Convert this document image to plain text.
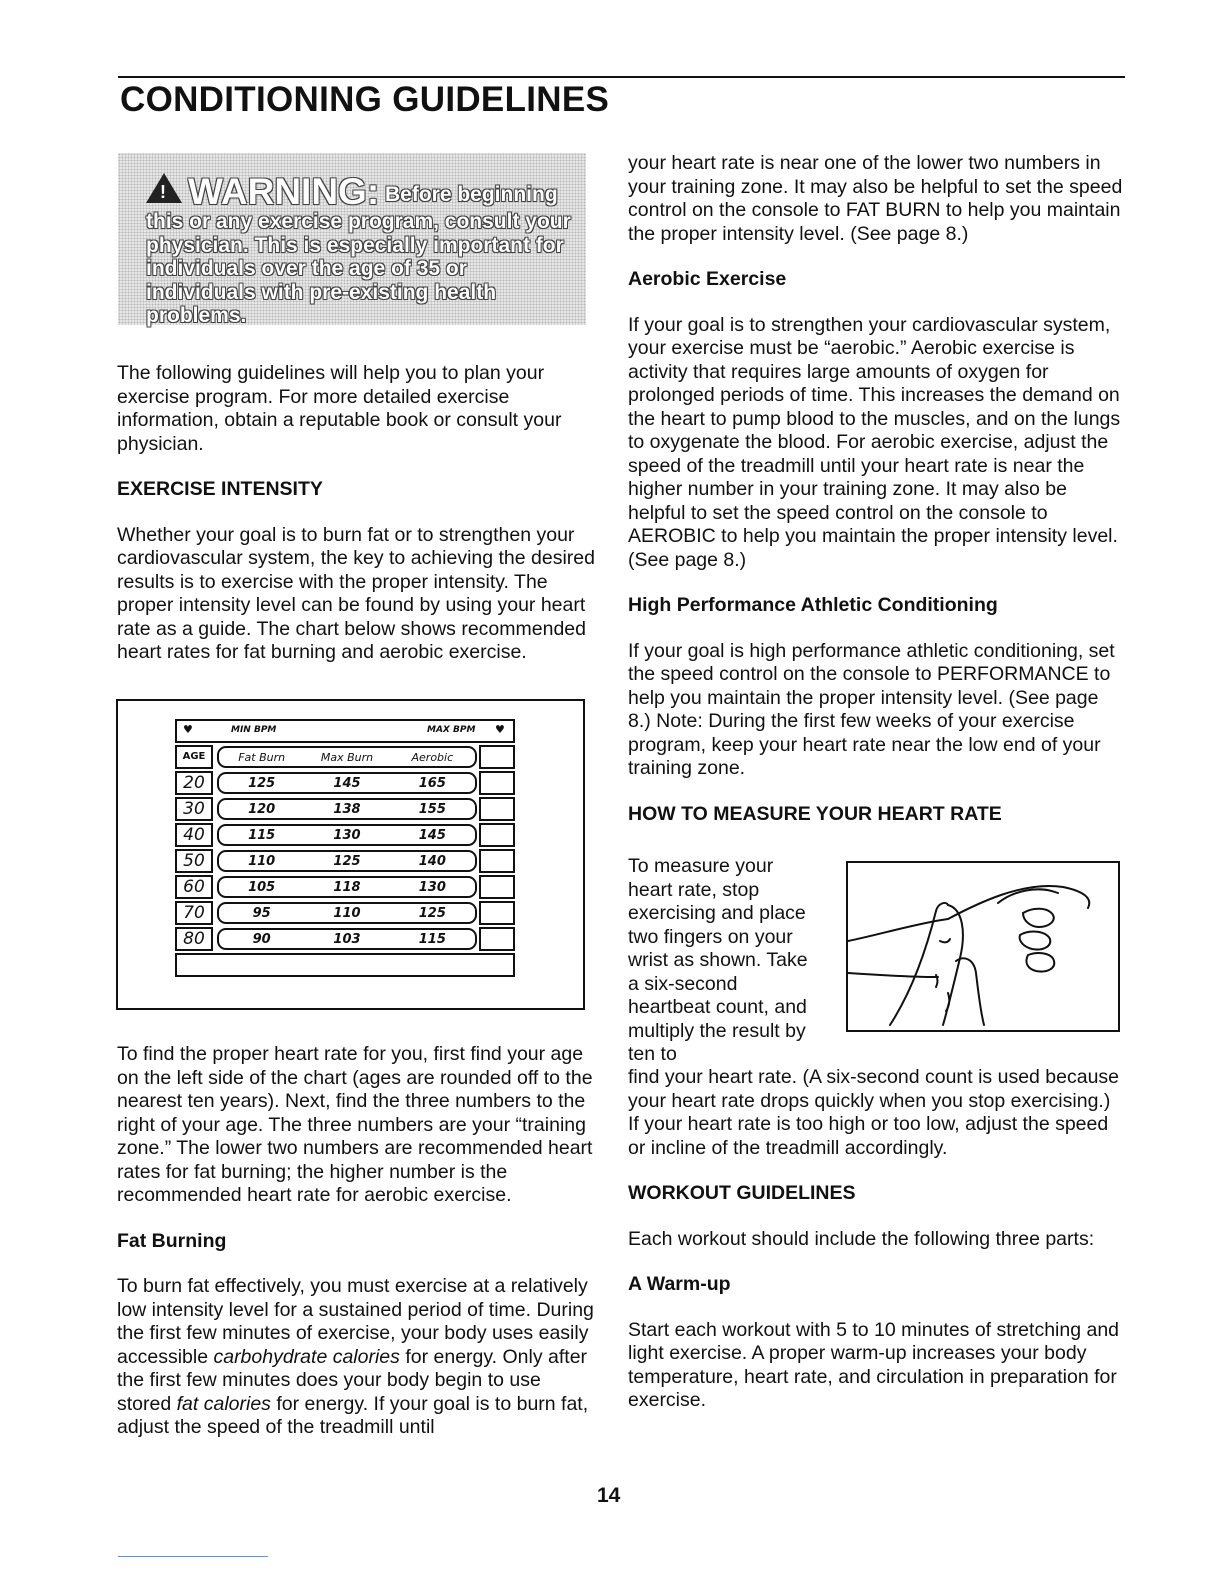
CONDITIONING GUIDELINES
!WARNING: Before beginning this or any exercise program, consult your physician. This is especially important for individuals over the age of 35 or individuals with pre-existing health problems.

The following guidelines will help you to plan your exercise program. For more detailed exercise information, obtain a reputable book or consult your physician.

EXERCISE INTENSITY

Whether your goal is to burn fat or to strengthen your cardiovascular system, the key to achieving the desired results is to exercise with the proper intensity. The proper intensity level can be found by using your heart rate as a guide. The chart below shows recommended heart rates for fat burning and aerobic exercise.

♥	MIN BPM	MAX BPM ♥
AGE	Fat Burn	Max Burn	Aerobic
20	125	145	165
30	120	138	155
40	115	130	145
50	110	125	140
60	105	118	130
70	95	110	125
80	90	103	115

To find the proper heart rate for you, first find your age on the left side of the chart (ages are rounded off to the nearest ten years). Next, find the three numbers to the right of your age. The three numbers are your “training zone.” The lower two numbers are recommended heart rates for fat burning; the higher number is the recommended heart rate for aerobic exercise.

Fat Burning

To burn fat effectively, you must exercise at a relatively low intensity level for a sustained period of time. During the first few minutes of exercise, your body uses easily accessible carbohydrate calories for energy. Only after the first few minutes does your body begin to use stored fat calories for energy. If your goal is to burn fat, adjust the speed of the treadmill until

your heart rate is near one of the lower two numbers in your training zone. It may also be helpful to set the speed control on the console to FAT BURN to help you maintain the proper intensity level. (See page 8.)

Aerobic Exercise

If your goal is to strengthen your cardiovascular system, your exercise must be “aerobic.” Aerobic exercise is activity that requires large amounts of oxygen for prolonged periods of time. This increases the demand on the heart to pump blood to the muscles, and on the lungs to oxygenate the blood. For aerobic exercise, adjust the speed of the treadmill until your heart rate is near the higher number in your training zone. It may also be helpful to set the speed control on the console to AEROBIC to help you maintain the proper intensity level. (See page 8.)

High Performance Athletic Conditioning

If your goal is high performance athletic conditioning, set the speed control on the console to PERFORMANCE to help you maintain the proper intensity level. (See page 8.) Note: During the first few weeks of your exercise program, keep your heart rate near the low end of your training zone.

HOW TO MEASURE YOUR HEART RATE

To measure your heart rate, stop exercising and place two fingers on your wrist as shown. Take a six-second heartbeat count, and multiply the result by ten to

find your heart rate. (A six-second count is used because your heart rate drops quickly when you stop exercising.) If your heart rate is too high or too low, adjust the speed or incline of the treadmill accordingly.

WORKOUT GUIDELINES

Each workout should include the following three parts:

A Warm-up

Start each workout with 5 to 10 minutes of stretching and light exercise. A proper warm-up increases your body temperature, heart rate, and circulation in preparation for exercise.

14
